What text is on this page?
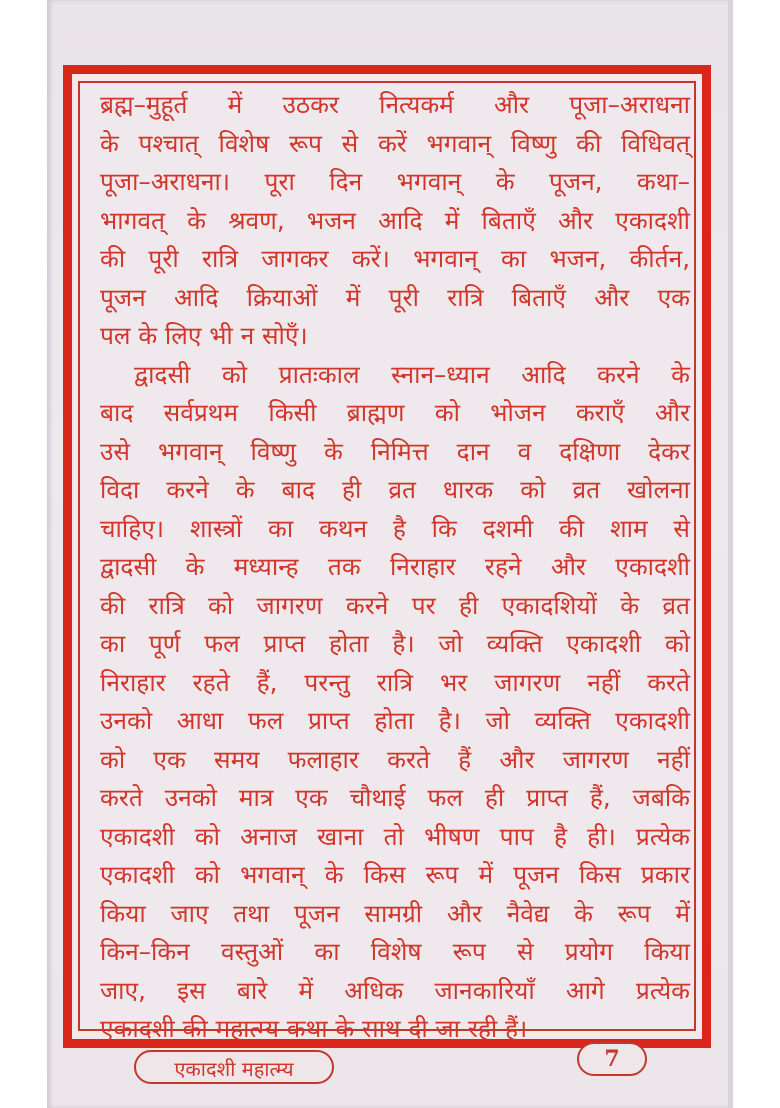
ब्रह्म–मुहूर्त में उठकर नित्यकर्म और पूजा–अराधना
के पश्चात् विशेष रूप से करें भगवान् विष्णु की विधिवत्
पूजा–अराधना। पूरा दिन भगवान् के पूजन, कथा–
भागवत् के श्रवण, भजन आदि में बिताएँ और एकादशी
की पूरी रात्रि जागकर करें। भगवान् का भजन, कीर्तन,
पूजन आदि क्रियाओं में पूरी रात्रि बिताएँ और एक
पल के लिए भी न सोएँ।
द्वादसी को प्रातःकाल स्नान–ध्यान आदि करने के
बाद सर्वप्रथम किसी ब्राह्मण को भोजन कराएँ और
उसे भगवान् विष्णु के निमित्त दान व दक्षिणा देकर
विदा करने के बाद ही व्रत धारक को व्रत खोलना
चाहिए। शास्त्रों का कथन है कि दशमी की शाम से
द्वादसी के मध्यान्ह तक निराहार रहने और एकादशी
की रात्रि को जागरण करने पर ही एकादशियों के व्रत
का पूर्ण फल प्राप्त होता है। जो व्यक्ति एकादशी को
निराहार रहते हैं, परन्तु रात्रि भर जागरण नहीं करते
उनको आधा फल प्राप्त होता है। जो व्यक्ति एकादशी
को एक समय फलाहार करते हैं और जागरण नहीं
करते उनको मात्र एक चौथाई फल ही प्राप्त हैं, जबकि
एकादशी को अनाज खाना तो भीषण पाप है ही। प्रत्येक
एकादशी को भगवान् के किस रूप में पूजन किस प्रकार
किया जाए तथा पूजन सामग्री और नैवेद्य के रूप में
किन–किन वस्तुओं का विशेष रूप से प्रयोग किया
जाए, इस बारे में अधिक जानकारियाँ आगे प्रत्येक
एकादशी की महात्म्य कथा के साथ दी जा रही हैं।
एकादशी महात्म्य	7
